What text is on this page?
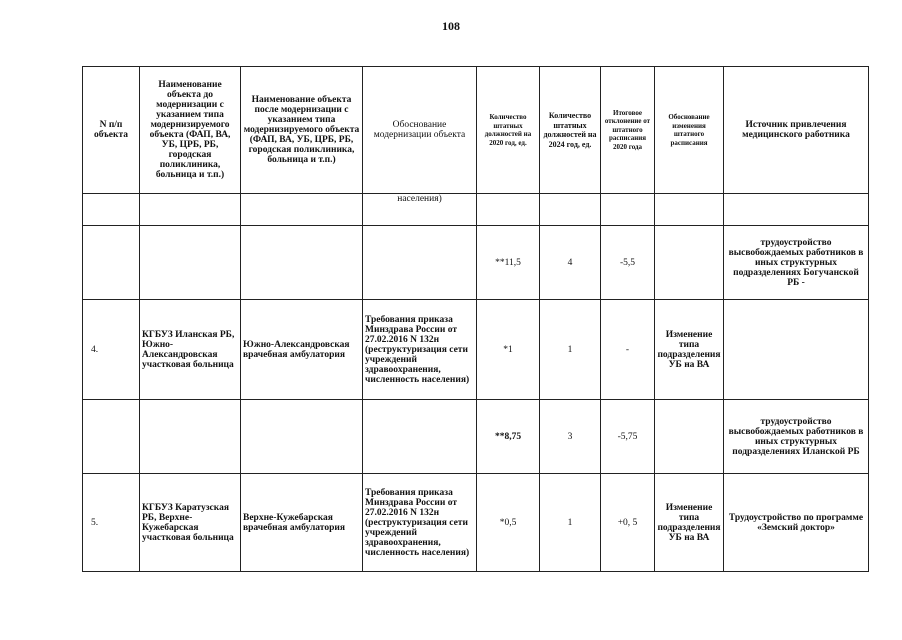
108
N п/п объекта	Наименование объекта до модернизации с указанием типа модернизируемого объекта (ФАП, ВА, УБ, ЦРБ, РБ, городская поликлиника, больница и т.п.)	Наименование объекта после модернизации с указанием типа модернизируемого объекта (ФАП, ВА, УБ, ЦРБ, РБ, городская поликлиника, больница и т.п.)	Обоснование модернизации объекта	Количество штатных должностей на 2020 год, ед.	Количество штатных должностей на 2024 год, ед.	Итоговое отклонение от штатного расписания 2020 года	Обоснование изменения штатного расписания	Источник привлечения медицинского работника
			населения)					
				**11,5	4	-5,5		трудоустройство высвобождаемых работников в иных структурных подразделениях Богучанской РБ -
4.	КГБУЗ Иланская РБ, Южно-Александровская участковая больница	Южно-Александровская врачебная амбулатория	Требования приказа Минздрава России от 27.02.2016 N 132н (реструктуризация сети учреждений здравоохранения, численность населения)	*1	1	-	Изменение типа подразделения УБ на ВА	
				**8,75	3	-5,75		трудоустройство высвобождаемых работников в иных структурных подразделениях Иланской РБ
5.	КГБУЗ Каратузская РБ, Верхне-Кужебарская участковая больница	Верхне-Кужебарская врачебная амбулатория	Требования приказа Минздрава России от 27.02.2016 N 132н (реструктуризация сети учреждений здравоохранения, численность населения)	*0,5	1	+0, 5	Изменение типа подразделения УБ на ВА	Трудоустройство по программе «Земский доктор»
